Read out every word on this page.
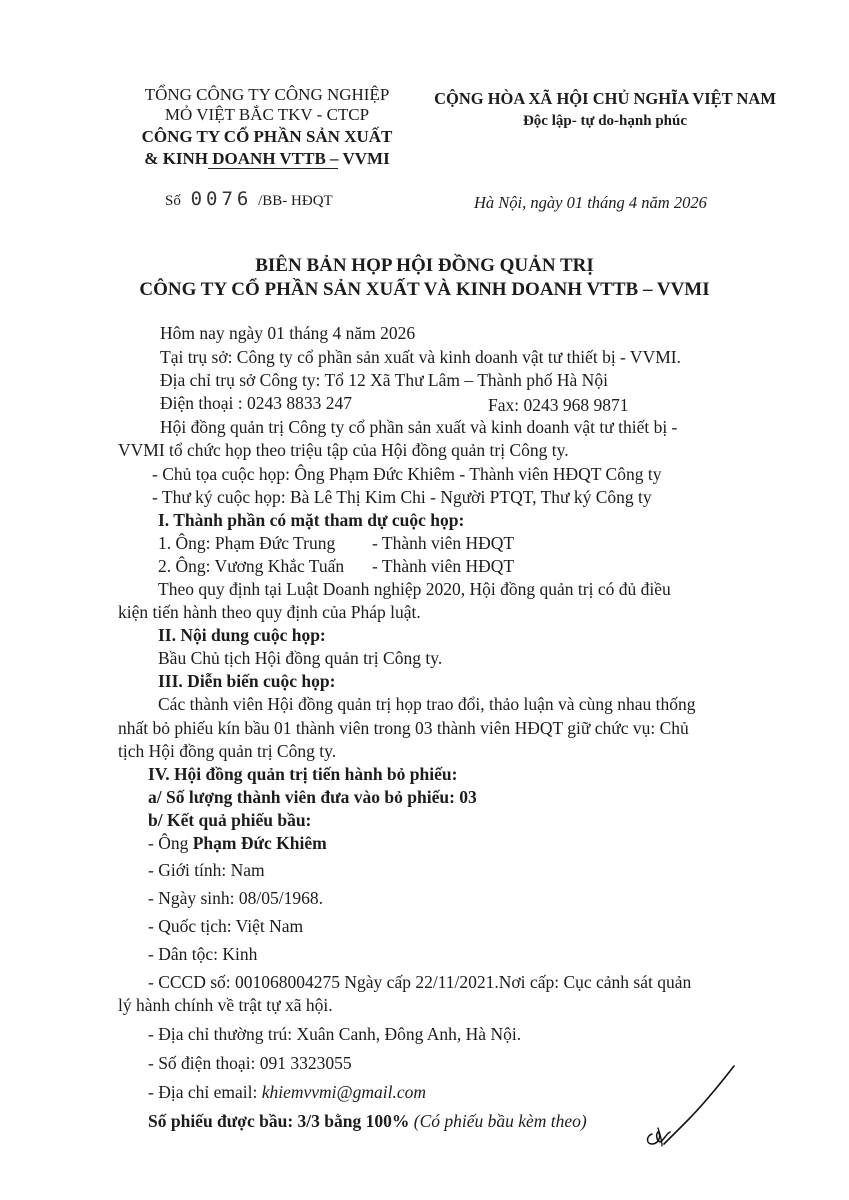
TỔNG CÔNG TY CÔNG NGHIỆP
MỎ VIỆT BẮC TKV - CTCP
CÔNG TY CỔ PHẦN SẢN XUẤT
& KINH DOANH VTTB – VVMI
CỘNG HÒA XÃ HỘI CHỦ NGHĨA VIỆT NAM
Độc lập- tự do-hạnh phúc
Số 0076 /BB- HĐQT	Hà Nội, ngày 01 tháng 4 năm 2026
BIÊN BẢN HỌP HỘI ĐỒNG QUẢN TRỊ
CÔNG TY CỔ PHẦN SẢN XUẤT VÀ KINH DOANH VTTB – VVMI
Hôm nay ngày 01 tháng 4 năm 2026
Tại trụ sở: Công ty cổ phần sản xuất và kinh doanh vật tư thiết bị - VVMI.
Địa chỉ trụ sở Công ty: Tổ 12 Xã Thư Lâm – Thành phố Hà Nội
Điện thoại : 0243 8833 247	Fax: 0243 968 9871
Hội đồng quản trị Công ty cổ phần sản xuất và kinh doanh vật tư thiết bị -
VVMI tổ chức họp theo triệu tập của Hội đồng quản trị Công ty.
- Chủ tọa cuộc họp: Ông Phạm Đức Khiêm - Thành viên HĐQT Công ty
- Thư ký cuộc họp: Bà Lê Thị Kim Chi - Người PTQT, Thư ký Công ty
I. Thành phần có mặt tham dự cuộc họp:
1. Ông: Phạm Đức Trung - Thành viên HĐQT
2. Ông: Vương Khắc Tuấn - Thành viên HĐQT
Theo quy định tại Luật Doanh nghiệp 2020, Hội đồng quản trị có đủ điều
kiện tiến hành theo quy định của Pháp luật.
II. Nội dung cuộc họp:
Bầu Chủ tịch Hội đồng quản trị Công ty.
III. Diễn biến cuộc họp:
Các thành viên Hội đồng quản trị họp trao đổi, thảo luận và cùng nhau thống
nhất bỏ phiếu kín bầu 01 thành viên trong 03 thành viên HĐQT giữ chức vụ: Chủ
tịch Hội đồng quản trị Công ty.
IV. Hội đồng quản trị tiến hành bỏ phiếu:
a/ Số lượng thành viên đưa vào bỏ phiếu: 03
b/ Kết quả phiếu bầu:
- Ông Phạm Đức Khiêm
- Giới tính: Nam
- Ngày sinh: 08/05/1968.
- Quốc tịch: Việt Nam
- Dân tộc: Kinh
- CCCD số: 001068004275 Ngày cấp 22/11/2021.Nơi cấp: Cục cảnh sát quản
lý hành chính về trật tự xã hội.
- Địa chỉ thường trú: Xuân Canh, Đông Anh, Hà Nội.
- Số điện thoại: 091 3323055
- Địa chỉ email: khiemvvmi@gmail.com
Số phiếu được bầu: 3/3 bằng 100% (Có phiếu bầu kèm theo)
